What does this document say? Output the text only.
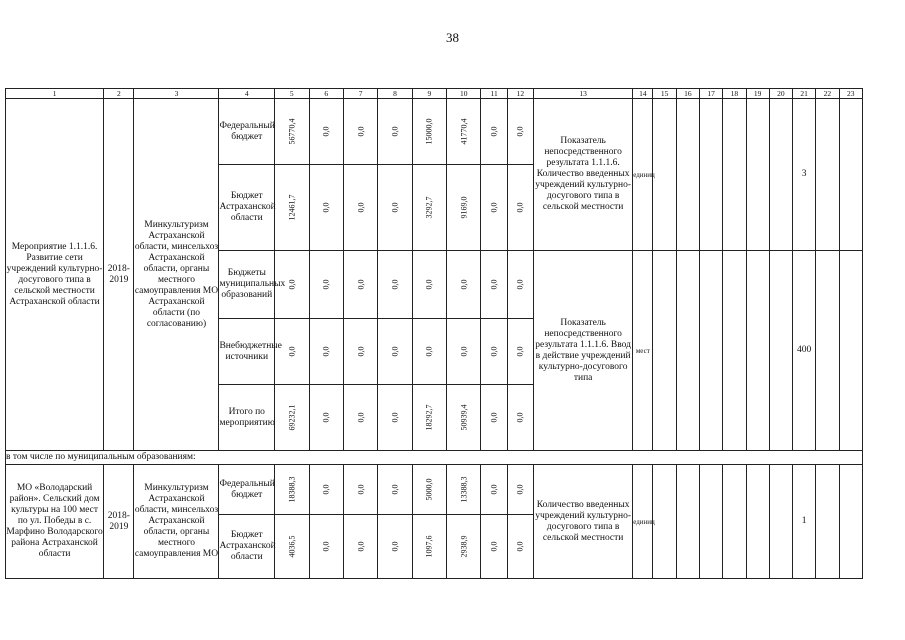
38
1	2	3	4	5	6	7	8	9	10	11	12	13	14	15	16	17	18	19	20	21	22	23
Мероприятие 1.1.1.6. Развитие сети учреждений культурно-досугового типа в сельской местности Астраханской области	2018-2019	Минкультуризм Астраханской области, минсельхоз Астраханской области, органы местного самоуправления МО Астраханской области (по согласованию)	Федеральный бюджет	56770,4	0,0	0,0	0,0	15000,0	41770,4	0,0	0,0	Показатель непосредственного результата 1.1.1.6. Количество введенных учреждений культурно-досугового типа в сельской местности	единиц							3		
			Бюджет Астраханской области	12461,7	0,0	0,0	0,0	3292,7	9169,0	0,0	0,0											
			Бюджеты муниципальных образований	0,0	0,0	0,0	0,0	0,0	0,0	0,0	0,0	Показатель непосредственного результата 1.1.1.6. Ввод в действие учреждений культурно-досугового типа	мест							400		
			Внебюджетные источники	0,0	0,0	0,0	0,0	0,0	0,0	0,0	0,0											
			Итого по мероприятию	69232,1	0,0	0,0	0,0	18292,7	50939,4	0,0	0,0											
в том числе по муниципальным образованиям:																						
МО «Володарский район». Сельский дом культуры на 100 мест по ул. Победы в с. Марфино Володарского района Астраханской области	2018-2019	Минкультуризм Астраханской области, минсельхоз Астраханской области, органы местного самоуправления МО	Федеральный бюджет	18388,3	0,0	0,0	0,0	5000,0	13388,3	0,0	0,0	Количество введенных учреждений культурно-досугового типа в сельской местности	единиц							1		
			Бюджет Астраханской области	4036,5	0,0	0,0	0,0	1097,6	2938,9	0,0	0,0											
